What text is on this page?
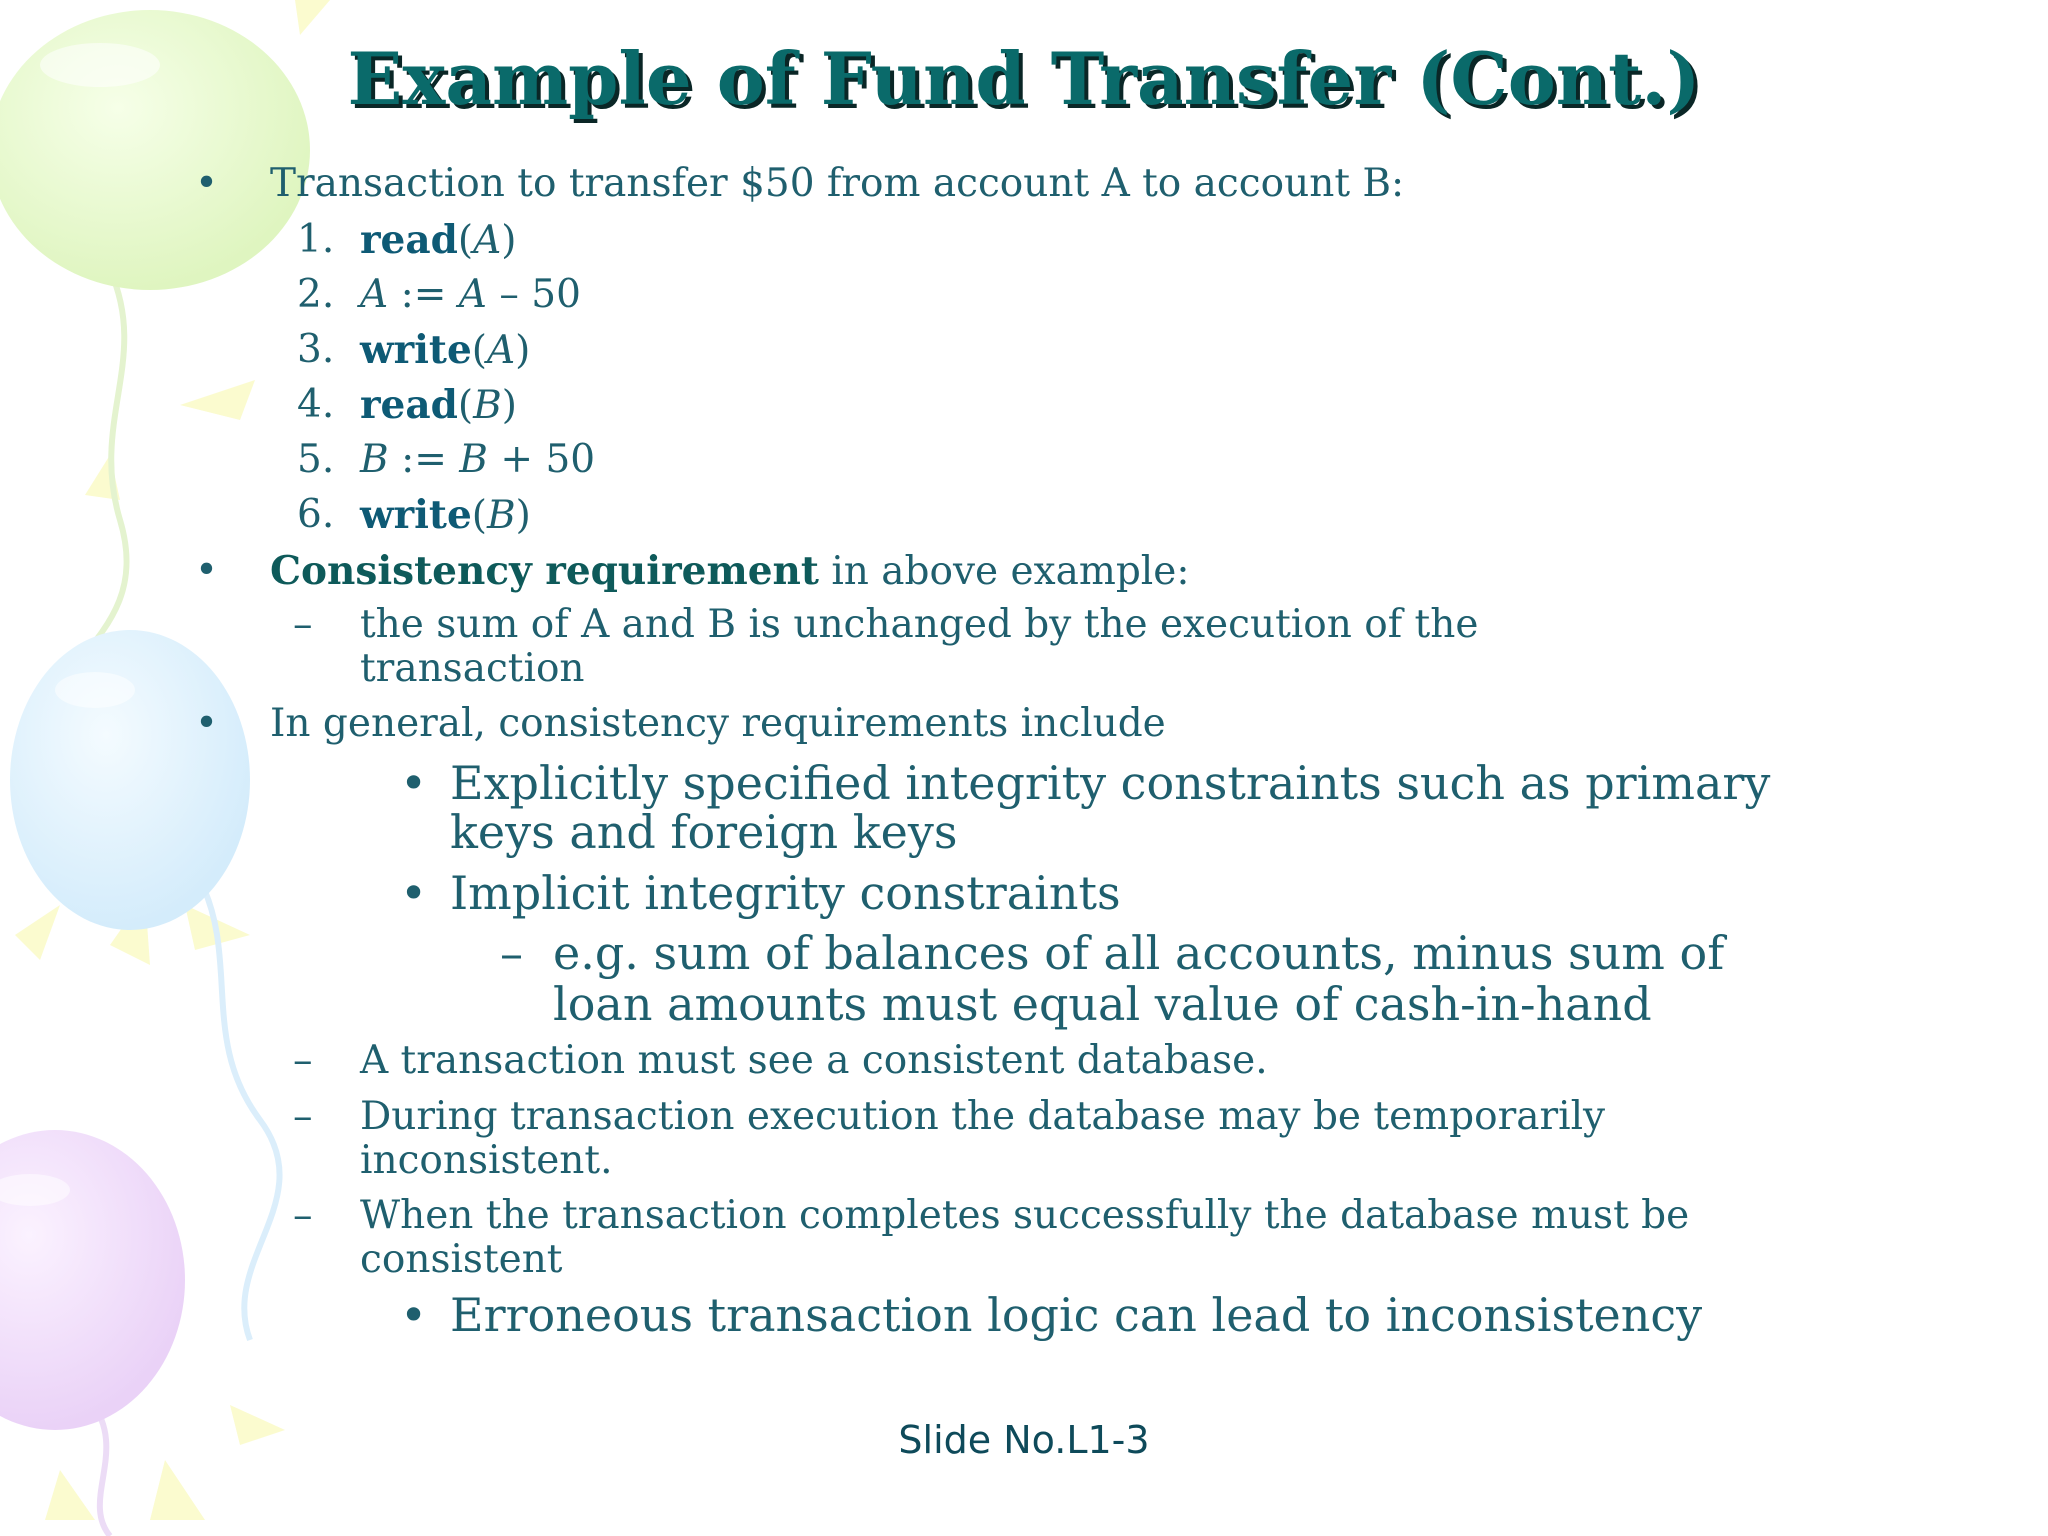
Example of Fund Transfer (Cont.)
• Transaction to transfer $50 from account A to account B:
1. read(A)
2. A := A – 50
3. write(A)
4. read(B)
5. B := B + 50
6. write(B)
• Consistency requirement in above example:
– the sum of A and B is unchanged by the execution of the
transaction
• In general, consistency requirements include
• Explicitly specified integrity constraints such as primary
keys and foreign keys
• Implicit integrity constraints
– e.g. sum of balances of all accounts, minus sum of
loan amounts must equal value of cash-in-hand
– A transaction must see a consistent database.
– During transaction execution the database may be temporarily
inconsistent.
– When the transaction completes successfully the database must be
consistent
• Erroneous transaction logic can lead to inconsistency
Slide No.L1-3
